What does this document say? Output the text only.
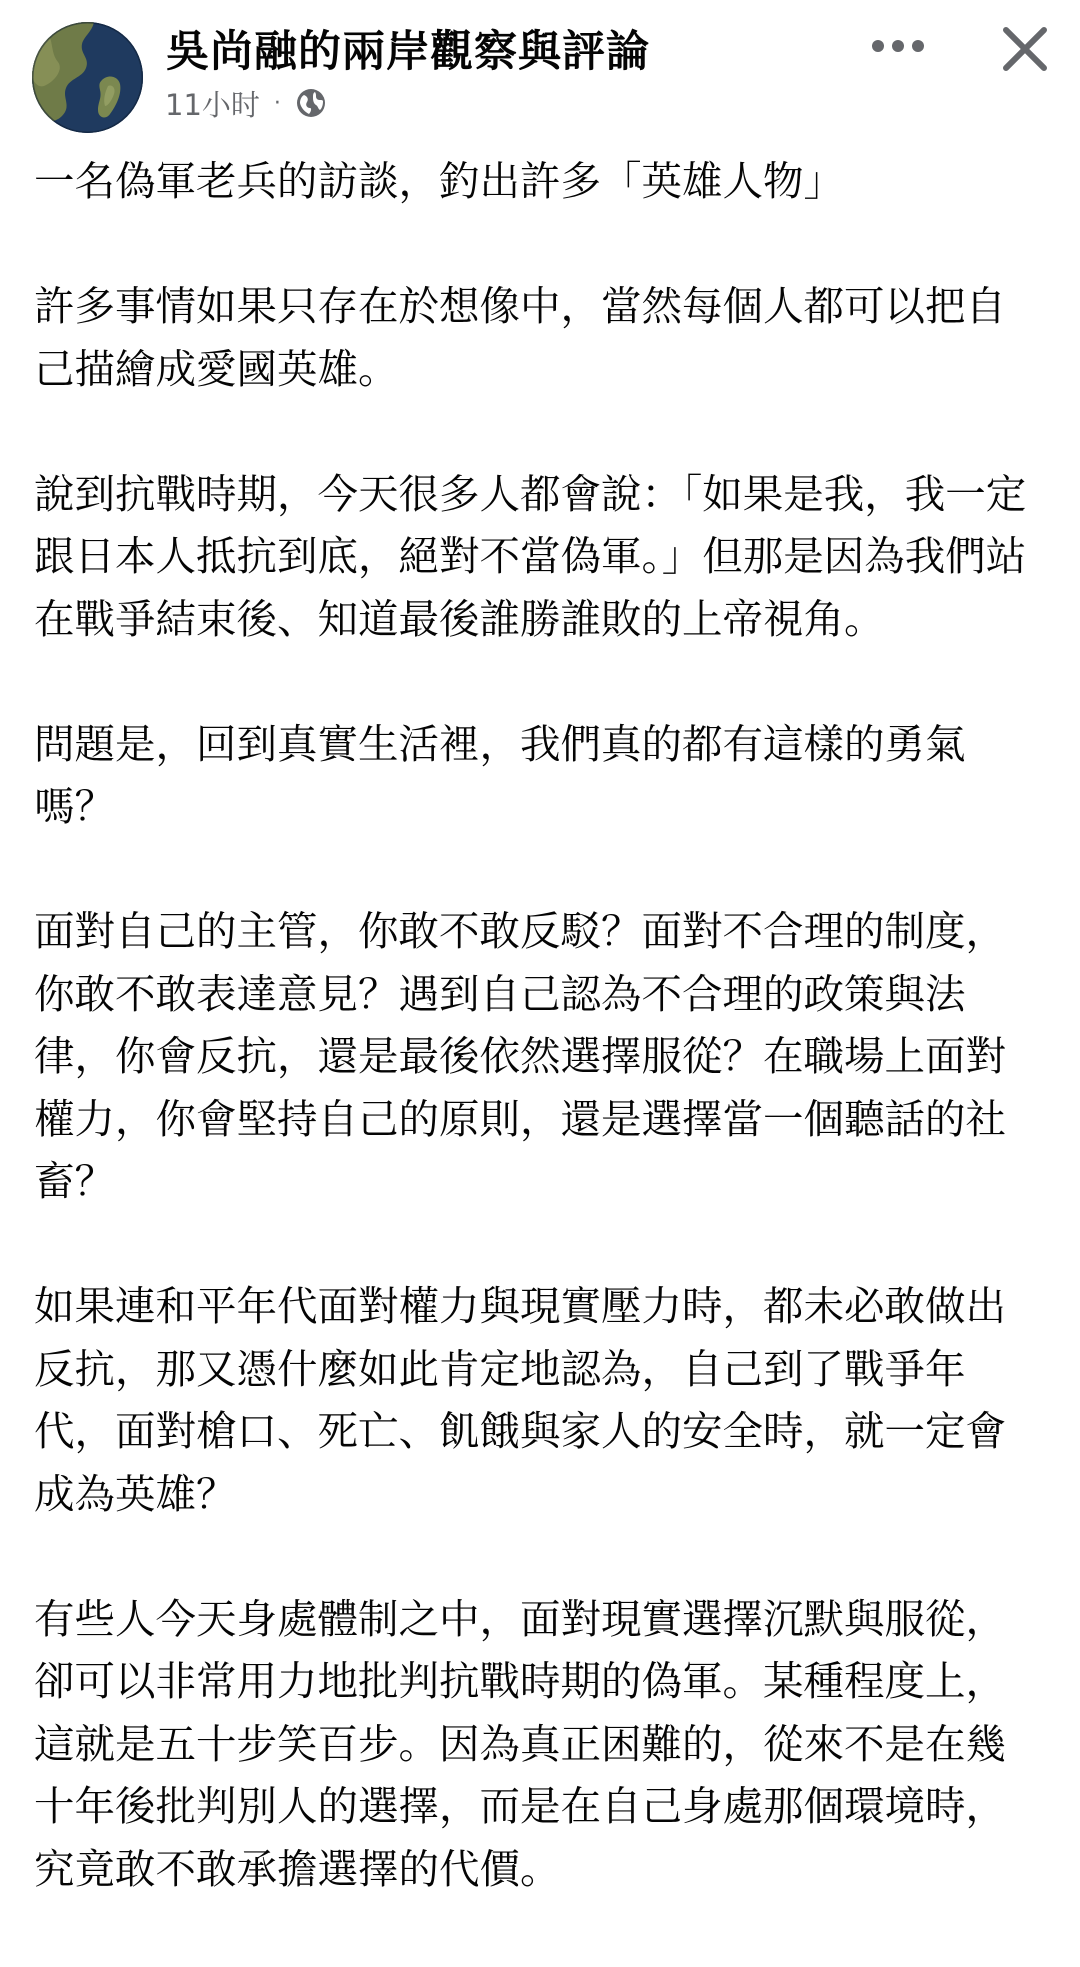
吳尚融的兩岸觀察與評論
11小时 ·

一名偽軍老兵的訪談，釣出許多「英雄人物」

許多事情如果只存在於想像中，當然每個人都可以把自己描繪成愛國英雄。

說到抗戰時期，今天很多人都會說：「如果是我，我一定跟日本人抵抗到底，絕對不當偽軍。」但那是因為我們站在戰爭結束後、知道最後誰勝誰敗的上帝視角。

問題是，回到真實生活裡，我們真的都有這樣的勇氣嗎？

面對自己的主管，你敢不敢反駁？面對不合理的制度，你敢不敢表達意見？遇到自己認為不合理的政策與法律，你會反抗，還是最後依然選擇服從？在職場上面對權力，你會堅持自己的原則，還是選擇當一個聽話的社畜？

如果連和平年代面對權力與現實壓力時，都未必敢做出反抗，那又憑什麼如此肯定地認為，自己到了戰爭年代，面對槍口、死亡、飢餓與家人的安全時，就一定會成為英雄？

有些人今天身處體制之中，面對現實選擇沉默與服從，卻可以非常用力地批判抗戰時期的偽軍。某種程度上，這就是五十步笑百步。因為真正困難的，從來不是在幾十年後批判別人的選擇，而是在自己身處那個環境時，究竟敢不敢承擔選擇的代價。
